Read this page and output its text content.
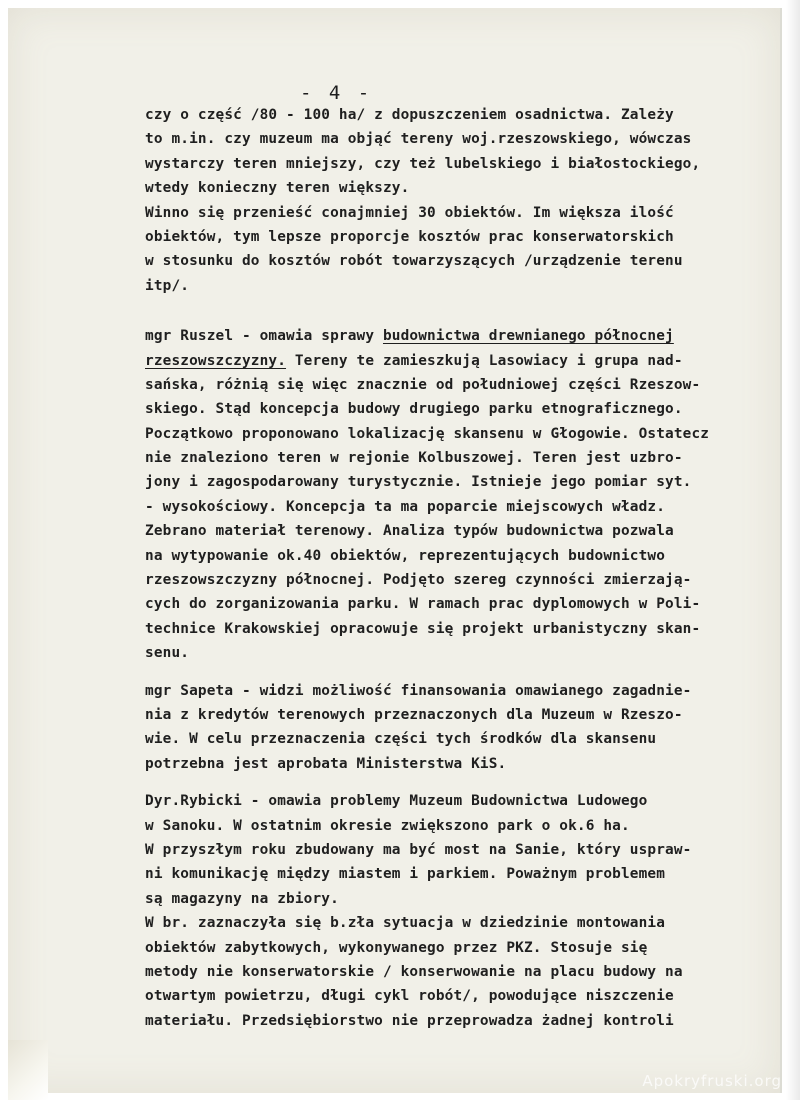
- 4 -
czy o część /80 - 100 ha/ z dopuszczeniem osadnictwa. Zależy
to m.in. czy muzeum ma objąć tereny woj.rzeszowskiego, wówczas
wystarczy teren mniejszy, czy też lubelskiego i białostockiego,
wtedy konieczny teren większy.
Winno się przenieść conajmniej 30 obiektów. Im większa ilość
obiektów, tym lepsze proporcje kosztów prac konserwatorskich
w stosunku do kosztów robót towarzyszących /urządzenie terenu
itp/.
mgr Ruszel - omawia sprawy budownictwa drewnianego północnej
rzeszowszczyzny. Tereny te zamieszkują Lasowiacy i grupa nad-
sańska, różnią się więc znacznie od południowej części Rzeszow-
skiego. Stąd koncepcja budowy drugiego parku etnograficznego.
Początkowo proponowano lokalizację skansenu w Głogowie. Ostatecz
nie znaleziono teren w rejonie Kolbuszowej. Teren jest uzbro-
jony i zagospodarowany turystycznie. Istnieje jego pomiar syt.
- wysokościowy. Koncepcja ta ma poparcie miejscowych władz.
Zebrano materiał terenowy. Analiza typów budownictwa pozwala
na wytypowanie ok.40 obiektów, reprezentujących budownictwo
rzeszowszczyzny północnej. Podjęto szereg czynności zmierzają-
cych do zorganizowania parku. W ramach prac dyplomowych w Poli-
technice Krakowskiej opracowuje się projekt urbanistyczny skan-
senu.
mgr Sapeta - widzi możliwość finansowania omawianego zagadnie-
nia z kredytów terenowych przeznaczonych dla Muzeum w Rzeszo-
wie. W celu przeznaczenia części tych środków dla skansenu
potrzebna jest aprobata Ministerstwa KiS.
Dyr.Rybicki - omawia problemy Muzeum Budownictwa Ludowego
w Sanoku. W ostatnim okresie zwiększono park o ok.6 ha.
W przyszłym roku zbudowany ma być most na Sanie, który uspraw-
ni komunikację między miastem i parkiem. Poważnym problemem
są magazyny na zbiory.
W br. zaznaczyła się b.zła sytuacja w dziedzinie montowania
obiektów zabytkowych, wykonywanego przez PKZ. Stosuje się
metody nie konserwatorskie / konserwowanie na placu budowy na
otwartym powietrzu, długi cykl robót/, powodujące niszczenie
materiału. Przedsiębiorstwo nie przeprowadza żadnej kontroli
Apokryfruski.org
